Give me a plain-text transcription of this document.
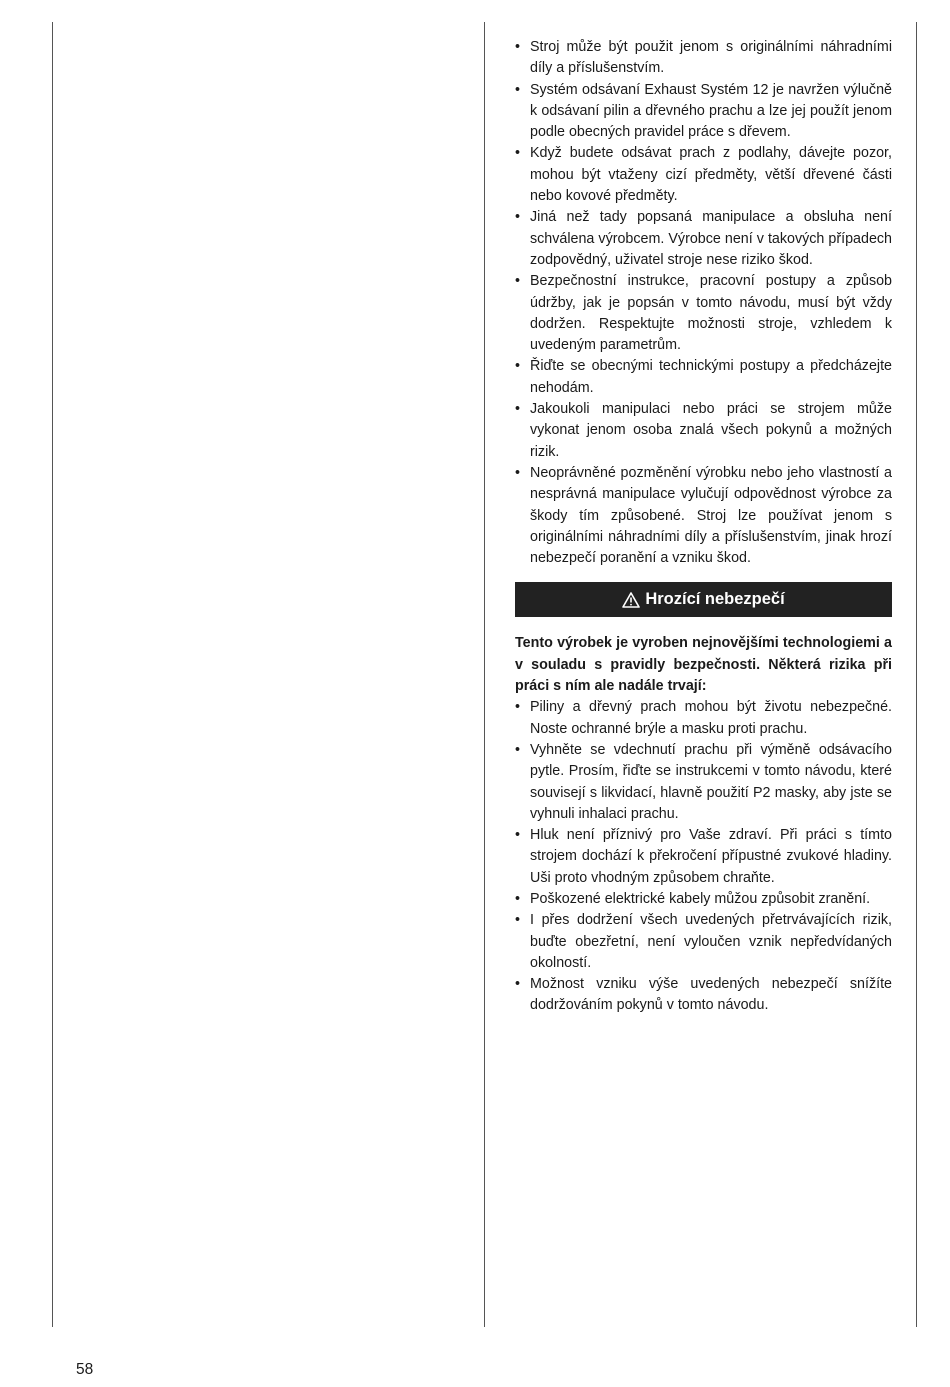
• Stroj může být použit jenom s originálními náhradními díly a příslušenstvím.
• Systém odsávaní Exhaust Systém 12 je navržen výlučně k odsávaní pilin a dřevného prachu a lze jej použít jenom podle obecných pravidel práce s dřevem.
• Když budete odsávat prach z podlahy, dávejte pozor, mohou být vtaženy cizí předměty, větší dřevené části nebo kovové předměty.
• Jiná než tady popsaná manipulace a obsluha není schválena výrobcem. Výrobce není v takových případech zodpovědný, uživatel stroje nese riziko škod.
• Bezpečnostní instrukce, pracovní postupy a způsob údržby, jak je popsán v tomto návodu, musí být vždy dodržen. Respektujte možnosti stroje, vzhledem k uvedeným parametrům.
• Řiďte se obecnými technickými postupy a předcházejte nehodám.
• Jakoukoli manipulaci nebo práci se strojem může vykonat jenom osoba znalá všech pokynů a možných rizik.
• Neoprávněné pozměnění výrobku nebo jeho vlastností a nesprávná manipulace vylučují odpovědnost výrobce za škody tím způsobené. Stroj lze používat jenom s originálními náhradními díly a příslušenstvím, jinak hrozí nebezpečí poranění a vzniku škod.
Hrozící nebezpečí

Tento výrobek je vyroben nejnovějšími technologiemi a v souladu s pravidly bezpečnosti. Některá rizika při práci s ním ale nadále trvají:

• Piliny a dřevný prach mohou být životu nebezpečné. Noste ochranné brýle a masku proti prachu.
• Vyhněte se vdechnutí prachu při výměně odsávacího pytle. Prosím, řiďte se instrukcemi v tomto návodu, které souvisejí s likvidací, hlavně použití P2 masky, aby jste se vyhnuli inhalaci prachu.
• Hluk není příznivý pro Vaše zdraví. Při práci s tímto strojem dochází k překročení přípustné zvukové hladiny. Uši proto vhodným způsobem chraňte.
• Poškozené elektrické kabely můžou způsobit zranění.
• I přes dodržení všech uvedených přetrvávajících rizik, buďte obezřetní, není vyloučen vznik nepředvídaných okolností.
• Možnost vzniku výše uvedených nebezpečí snížíte dodržováním pokynů v tomto návodu.
58
